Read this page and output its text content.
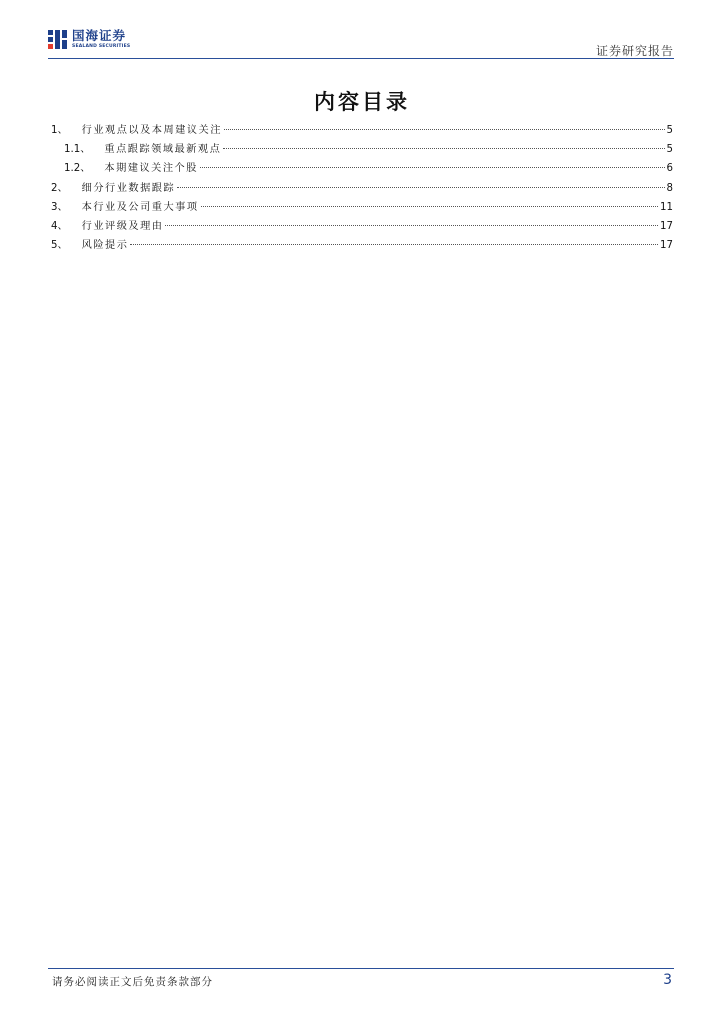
国海证券
SEALAND SECURITIES	证券研究报告
内容目录
1、 行业观点以及本周建议关注	5
1.1、 重点跟踪领域最新观点	5
1.2、 本期建议关注个股	6
2、 细分行业数据跟踪	8
3、 本行业及公司重大事项	11
4、 行业评级及理由	17
5、 风险提示	17
请务必阅读正文后免责条款部分	3
